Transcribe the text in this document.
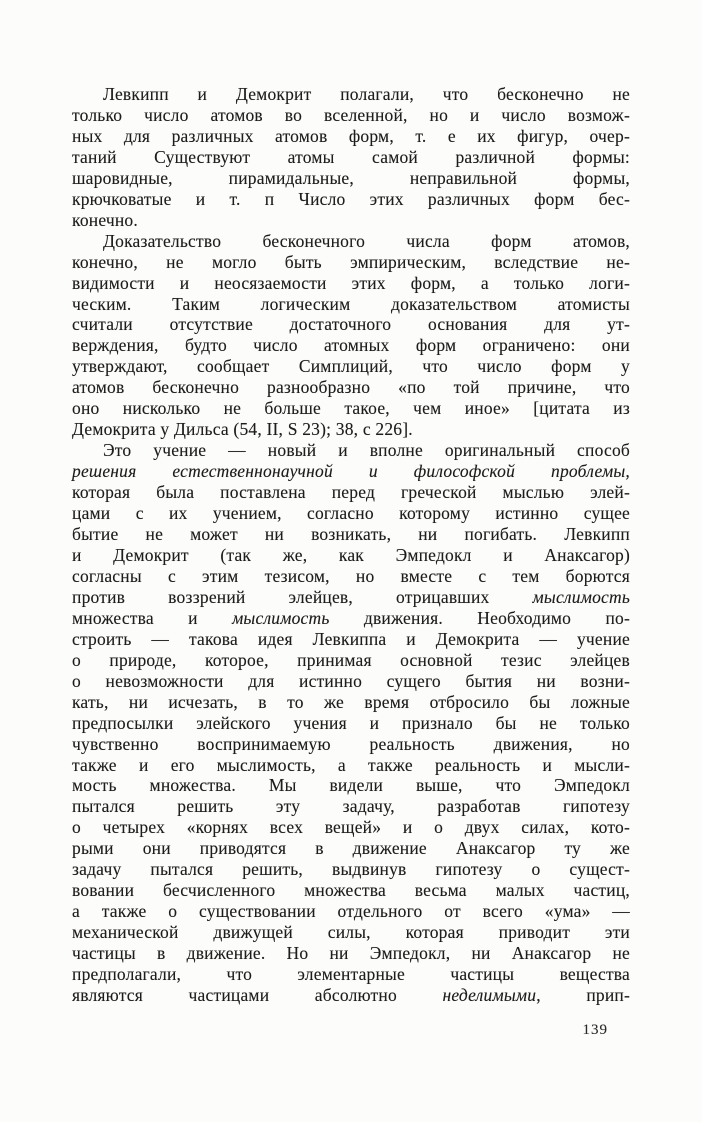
Левкипп и Демокрит полагали, что бесконечно не
только число атомов во вселенной, но и число возмож-
ных для различных атомов форм, т. е их фигур, очер-
таний Существуют атомы самой различной формы:
шаровидные, пирамидальные, неправильной формы,
крючковатые и т. п Число этих различных форм бес-
конечно.
Доказательство бесконечного числа форм атомов,
конечно, не могло быть эмпирическим, вследствие не-
видимости и неосязаемости этих форм, а только логи-
ческим. Таким логическим доказательством атомисты
считали отсутствие достаточного основания для ут-
верждения, будто число атомных форм ограничено: они
утверждают, сообщает Симплиций, что число форм у
атомов бесконечно разнообразно «по той причине, что
оно нисколько не больше такое, чем иное» [цитата из
Демокрита у Дильса (54, II, S 23); 38, с 226].
Это учение — новый и вполне оригинальный способ
решения естественнонаучной и философской проблемы,
которая была поставлена перед греческой мыслью элей-
цами с их учением, согласно которому истинно сущее
бытие не может ни возникать, ни погибать. Левкипп
и Демокрит (так же, как Эмпедокл и Анаксагор)
согласны с этим тезисом, но вместе с тем борются
против воззрений элейцев, отрицавших мыслимость
множества и мыслимость движения. Необходимо по-
строить — такова идея Левкиппа и Демокрита — учение
о природе, которое, принимая основной тезис элейцев
о невозможности для истинно сущего бытия ни возни-
кать, ни исчезать, в то же время отбросило бы ложные
предпосылки элейского учения и признало бы не только
чувственно воспринимаемую реальность движения, но
также и его мыслимость, а также реальность и мысли-
мость множества. Мы видели выше, что Эмпедокл
пытался решить эту задачу, разработав гипотезу
о четырех «корнях всех вещей» и о двух силах, кото-
рыми они приводятся в движение Анаксагор ту же
задачу пытался решить, выдвинув гипотезу о сущест-
вовании бесчисленного множества весьма малых частиц,
а также о существовании отдельного от всего «ума» —
механической движущей силы, которая приводит эти
частицы в движение. Но ни Эмпедокл, ни Анаксагор не
предполагали, что элементарные частицы вещества
являются частицами абсолютно неделимыми, прип-
139
